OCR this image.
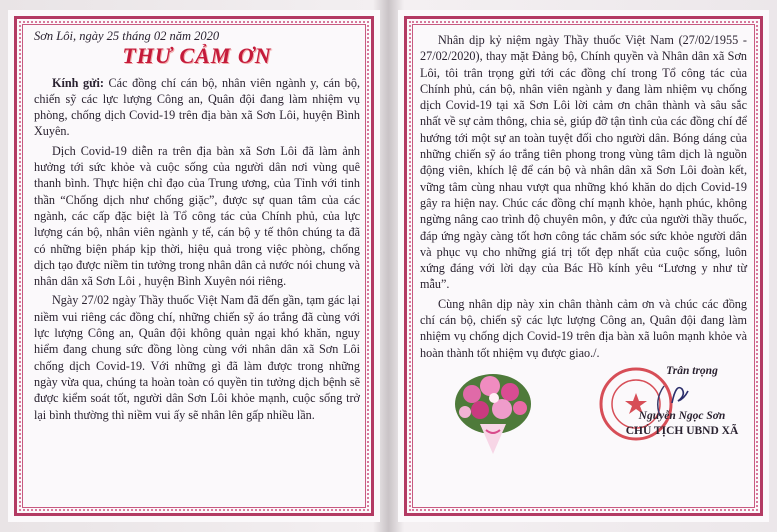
Sơn Lôi, ngày 25 tháng 02 năm 2020
THƯ CẢM ƠN

Kính gửi: Các đồng chí cán bộ, nhân viên ngành y, cán bộ, chiến sỹ các lực lượng Công an, Quân đội đang làm nhiệm vụ phòng, chống dịch Covid-19 trên địa bàn xã Sơn Lôi, huyện Bình Xuyên.

Dịch Covid-19 diễn ra trên địa bàn xã Sơn Lôi đã làm ảnh hưởng tới sức khỏe và cuộc sống của người dân nơi vùng quê thanh bình. Thực hiện chỉ đạo của Trung ương, của Tỉnh với tinh thần “Chống dịch như chống giặc”, được sự quan tâm của các ngành, các cấp đặc biệt là Tổ công tác của Chính phủ, của lực lượng cán bộ, nhân viên ngành y tế, cán bộ y tế thôn chúng ta đã có những biện pháp kịp thời, hiệu quả trong việc phòng, chống dịch tạo được niềm tin tưởng trong nhân dân cả nước nói chung và nhân dân xã Sơn Lôi , huyện Bình Xuyên nói riêng.

Ngày 27/02 ngày Thầy thuốc Việt Nam đã đến gần, tạm gác lại niềm vui riêng các đồng chí, những chiến sỹ áo trắng đã cùng với lực lượng Công an, Quân đội không quản ngại khó khăn, nguy hiểm đang chung sức đồng lòng cùng với nhân dân xã Sơn Lôi chống dịch Covid-19. Với những gì đã làm được trong những ngày vừa qua, chúng ta hoàn toàn có quyền tin tưởng dịch bệnh sẽ được kiểm soát tốt, người dân Sơn Lôi khỏe mạnh, cuộc sống trở lại bình thường thì niềm vui ấy sẽ nhân lên gấp nhiều lần.

Nhân dịp kỷ niệm ngày Thầy thuốc Việt Nam (27/02/1955 - 27/02/2020), thay mặt Đảng bộ, Chính quyền và Nhân dân xã Sơn Lôi, tôi trân trọng gửi tới các đồng chí trong Tổ công tác của Chính phủ, cán bộ, nhân viên ngành y đang làm nhiệm vụ chống dịch Covid-19 tại xã Sơn Lôi lời cảm ơn chân thành và sâu sắc nhất về sự cảm thông, chia sẻ, giúp đỡ tận tình của các đồng chí để hướng tới một sự an toàn tuyệt đối cho người dân. Bóng dáng của những chiến sỹ áo trắng tiên phong trong vùng tâm dịch là nguồn động viên, khích lệ để cán bộ và nhân dân xã Sơn Lôi đoàn kết, vững tâm cùng nhau vượt qua những khó khăn do dịch Covid-19 gây ra hiện nay. Chúc các đồng chí mạnh khỏe, hạnh phúc, không ngừng nâng cao trình độ chuyên môn, y đức của người thầy thuốc, đáp ứng ngày càng tốt hơn công tác chăm sóc sức khỏe người dân và phục vụ cho những giá trị tốt đẹp nhất của cuộc sống, luôn xứng đáng với lời dạy của Bác Hồ kính yêu “Lương y như từ mẫu”.

Cùng nhân dịp này xin chân thành cảm ơn và chúc các đồng chí cán bộ, chiến sỹ các lực lượng Công an, Quân đội đang làm nhiệm vụ chống dịch Covid-19 trên địa bàn xã luôn mạnh khỏe và hoàn thành tốt nhiệm vụ được giao./.

Trân trọng
Nguyễn Ngọc Sơn
CHỦ TỊCH UBND XÃ
